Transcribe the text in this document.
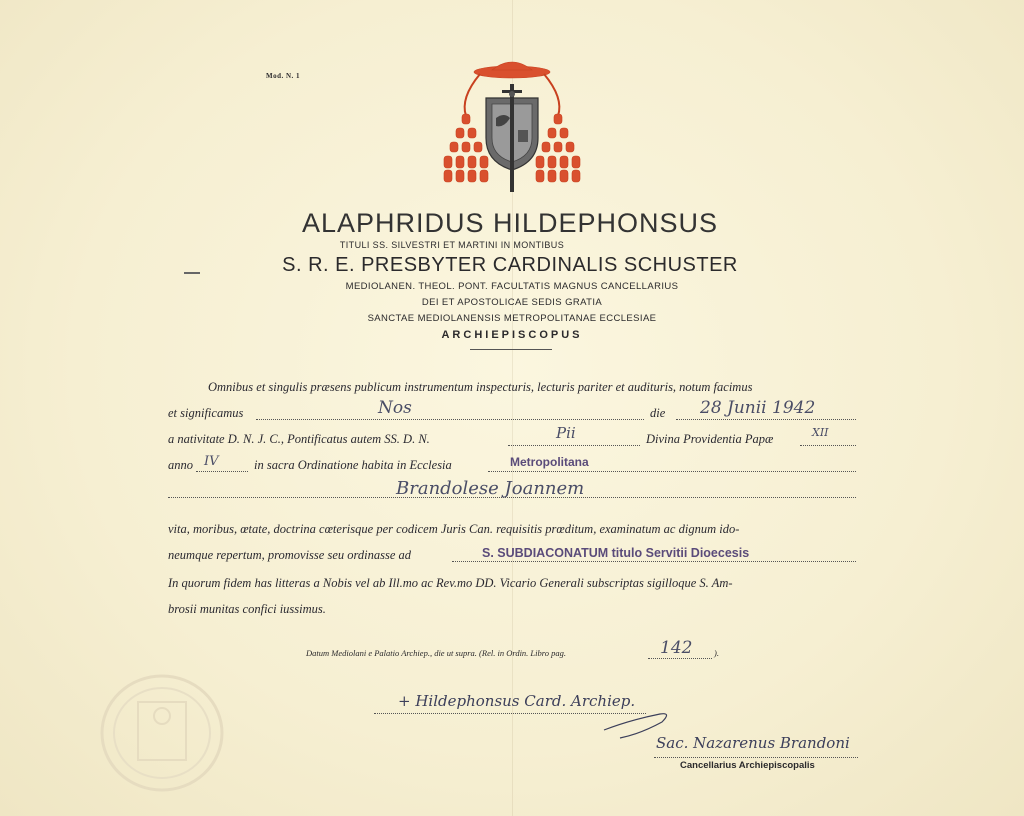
Mod. N. 1
ALAPHRIDUS HILDEPHONSUS
TITULI SS. SILVESTRI ET MARTINI IN MONTIBUS
S. R. E. PRESBYTER CARDINALIS SCHUSTER
MEDIOLANEN. THEOL. PONT. FACULTATIS MAGNUS CANCELLARIUS
DEI ET APOSTOLICAE SEDIS GRATIA
SANCTAE MEDIOLANENSIS METROPOLITANAE ECCLESIAE
ARCHIEPISCOPUS
Omnibus et singulis præsens publicum instrumentum inspecturis, lecturis pariter et audituris, notum facimus
et significamus	Nos	die 28 Junii 1942
a nativitate D. N. J. C., Pontificatus autem SS. D. N.	Pii	Divina Providentia Papæ	XII
anno IV	in sacra Ordinatione habita in Ecclesia	Metropolitana
Brandolese Joannem
vita, moribus, œtate, doctrina cœterisque per codicem Juris Can. requisitis prœditum, examinatum ac dignum ido-
neumque repertum, promovisse seu ordinasse ad	S. SUBDIACONATUM titulo Servitii Dioecesis
In quorum fidem has litteras a Nobis vel ab Ill.mo ac Rev.mo DD. Vicario Generali subscriptas sigilloque S. Am-
brosii munitas confici iussimus.
Datum Mediolani e Palatio Archiep., die ut supra. (Rel. in Ordin. Libro pag.	142	).
+ Hildephonsus Card. Archiep.
Sac. Nazarenus Brandoni
Cancellarius Archiepiscopalis
